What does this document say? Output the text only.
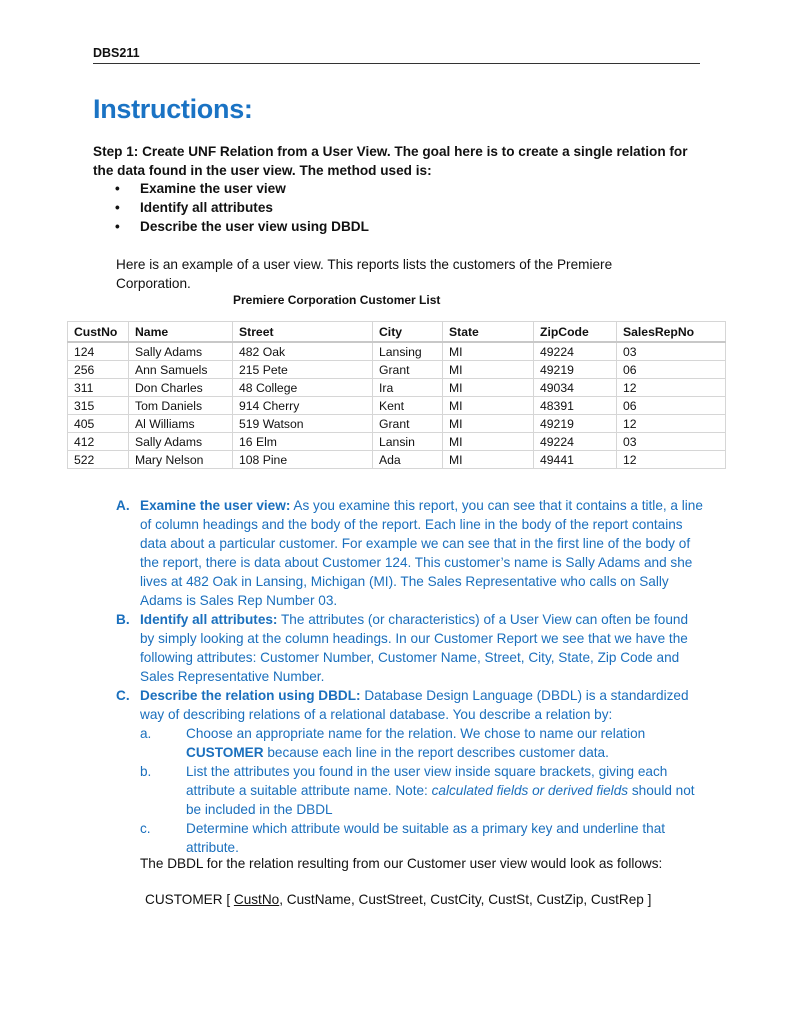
DBS211
Instructions:
Step 1: Create UNF Relation from a User View. The goal here is to create a single relation for the data found in the user view. The method used is:
• Examine the user view
• Identify all attributes
• Describe the user view using DBDL
Here is an example of a user view. This reports lists the customers of the Premiere Corporation.
Premiere Corporation Customer List
CustNo	Name	Street	City	State	ZipCode	SalesRepNo
124	Sally Adams	482 Oak	Lansing	MI	49224	03
256	Ann Samuels	215 Pete	Grant	MI	49219	06
311	Don Charles	48 College	Ira	MI	49034	12
315	Tom Daniels	914 Cherry	Kent	MI	48391	06
405	Al Williams	519 Watson	Grant	MI	49219	12
412	Sally Adams	16 Elm	Lansin	MI	49224	03
522	Mary Nelson	108 Pine	Ada	MI	49441	12
A. Examine the user view: As you examine this report, you can see that it contains a title, a line of column headings and the body of the report. Each line in the body of the report contains data about a particular customer. For example we can see that in the first line of the body of the report, there is data about Customer 124. This customer’s name is Sally Adams and she lives at 482 Oak in Lansing, Michigan (MI). The Sales Representative who calls on Sally Adams is Sales Rep Number 03.
B. Identify all attributes: The attributes (or characteristics) of a User View can often be found by simply looking at the column headings. In our Customer Report we see that we have the following attributes: Customer Number, Customer Name, Street, City, State, Zip Code and Sales Representative Number.
C. Describe the relation using DBDL: Database Design Language (DBDL) is a standardized way of describing relations of a relational database. You describe a relation by:
a.	Choose an appropriate name for the relation. We chose to name our relation CUSTOMER because each line in the report describes customer data.
b.	List the attributes you found in the user view inside square brackets, giving each attribute a suitable attribute name. Note: calculated fields or derived fields should not be included in the DBDL
c.	Determine which attribute would be suitable as a primary key and underline that attribute.
The DBDL for the relation resulting from our Customer user view would look as follows:
CUSTOMER [ CustNo, CustName, CustStreet, CustCity, CustSt, CustZip, CustRep ]
